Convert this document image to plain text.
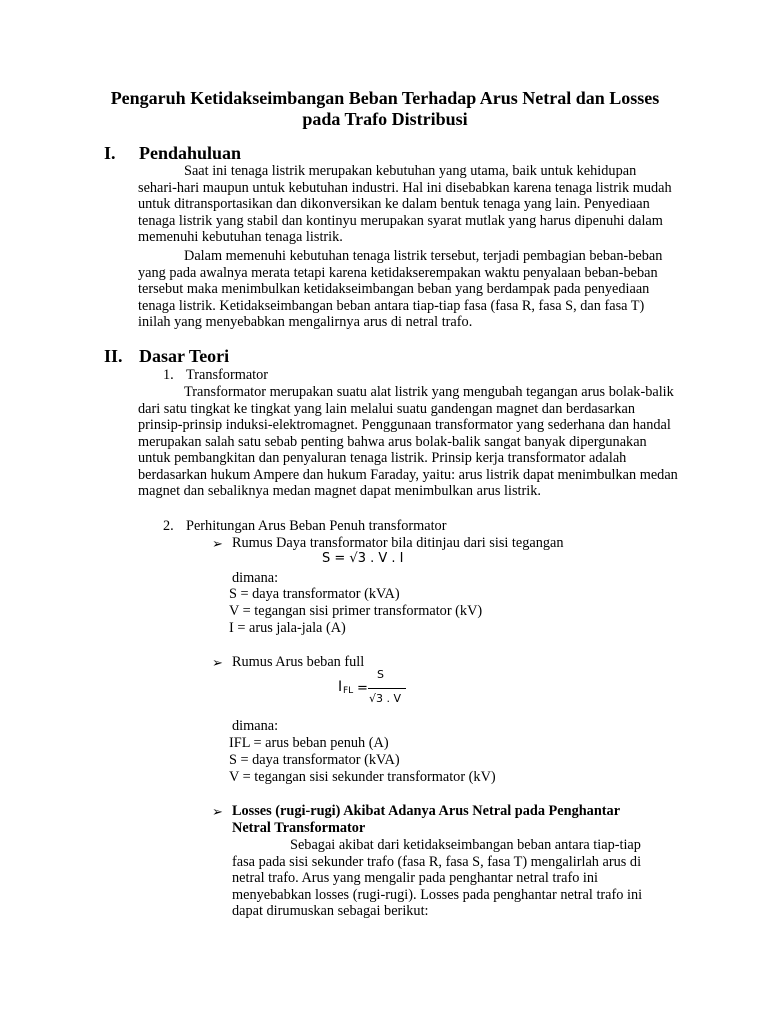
Pengaruh Ketidakseimbangan Beban Terhadap Arus Netral dan Losses
pada Trafo Distribusi
I. Pendahuluan
Saat ini tenaga listrik merupakan kebutuhan yang utama, baik untuk kehidupan sehari-hari maupun untuk kebutuhan industri. Hal ini disebabkan karena tenaga listrik mudah untuk ditransportasikan dan dikonversikan ke dalam bentuk tenaga yang lain. Penyediaan tenaga listrik yang stabil dan kontinyu merupakan syarat mutlak yang harus dipenuhi dalam memenuhi kebutuhan tenaga listrik.
Dalam memenuhi kebutuhan tenaga listrik tersebut, terjadi pembagian beban-beban yang pada awalnya merata tetapi karena ketidakserempakan waktu penyalaan beban-beban tersebut maka menimbulkan ketidakseimbangan beban yang berdampak pada penyediaan tenaga listrik. Ketidakseimbangan beban antara tiap-tiap fasa (fasa R, fasa S, dan fasa T) inilah yang menyebabkan mengalirnya arus di netral trafo.
II. Dasar Teori
1. Transformator
Transformator merupakan suatu alat listrik yang mengubah tegangan arus bolak-balik dari satu tingkat ke tingkat yang lain melalui suatu gandengan magnet dan berdasarkan prinsip-prinsip induksi-elektromagnet. Penggunaan transformator yang sederhana dan handal merupakan salah satu sebab penting bahwa arus bolak-balik sangat banyak dipergunakan untuk pembangkitan dan penyaluran tenaga listrik. Prinsip kerja transformator adalah berdasarkan hukum Ampere dan hukum Faraday, yaitu: arus listrik dapat menimbulkan medan magnet dan sebaliknya medan magnet dapat menimbulkan arus listrik.
2. Perhitungan Arus Beban Penuh transformator
➢ Rumus Daya transformator bila ditinjau dari sisi tegangan
S = √3 . V . I
dimana:
S = daya transformator (kVA)
V = tegangan sisi primer transformator (kV)
I = arus jala-jala (A)
➢ Rumus Arus beban full
I FL =
S
√3 . V
dimana:
IFL = arus beban penuh (A)
S = daya transformator (kVA)
V = tegangan sisi sekunder transformator (kV)
➢ Losses (rugi-rugi) Akibat Adanya Arus Netral pada Penghantar
Netral Transformator
Sebagai akibat dari ketidakseimbangan beban antara tiap-tiap fasa pada sisi sekunder trafo (fasa R, fasa S, fasa T) mengalirlah arus di netral trafo. Arus yang mengalir pada penghantar netral trafo ini menyebabkan losses (rugi-rugi). Losses pada penghantar netral trafo ini dapat dirumuskan sebagai berikut:
